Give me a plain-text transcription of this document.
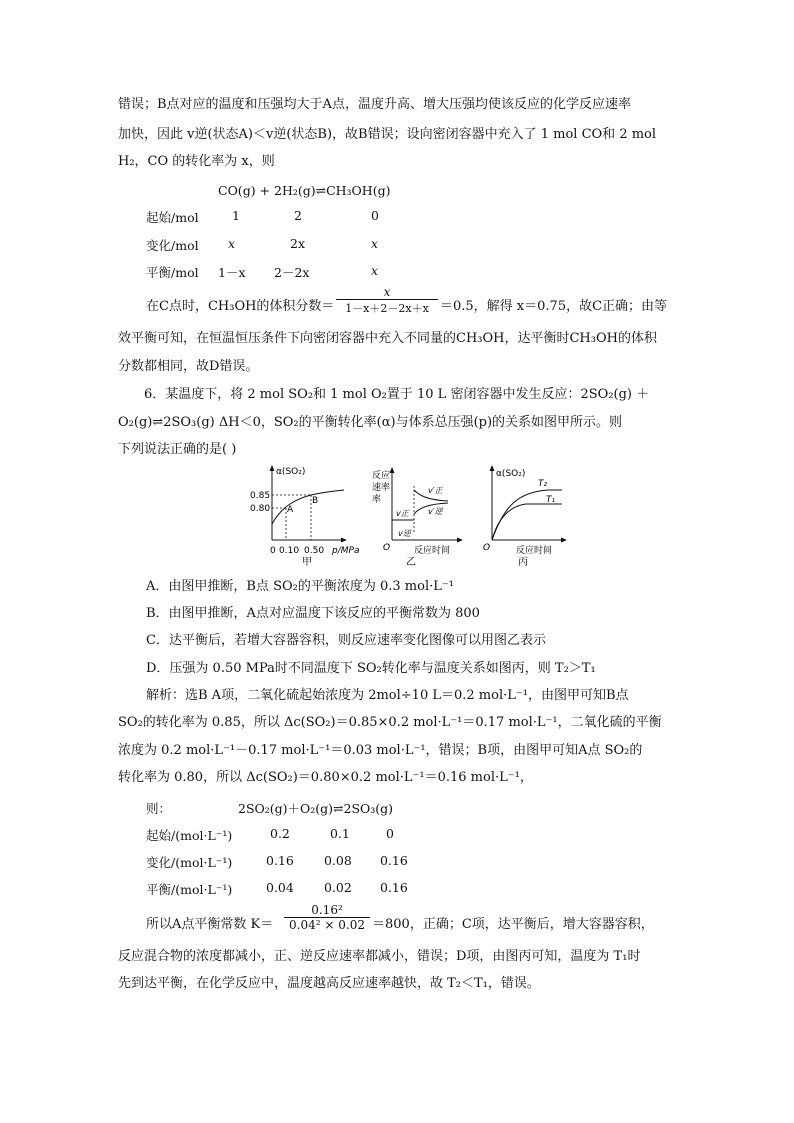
错误；B点对应的温度和压强均大于A点，温度升高、增大压强均使该反应的化学反应速率
加快，因此 v逆(状态A)＜v逆(状态B)，故B错误；设向密闭容器中充入了 1 mol CO和 2 mol
H₂，CO 的转化率为 x，则
CO(g) + 2H₂(g)⇌CH₃OH(g)
起始/mol	1	2	0
变化/mol x	2x	x
平衡/mol 1－x 2－2x	x
在C点时，CH₃OH的体积分数＝
x
1－x＋2－2x＋x ＝0.5，解得 x＝0.75，故C正确；由等
效平衡可知，在恒温恒压条件下向密闭容器中充入不同量的CH₃OH，达平衡时CH₃OH的体积
分数都相同，故D错误。
6．某温度下，将 2 mol SO₂和 1 mol O₂置于 10 L 密闭容器中发生反应：2SO₂(g) ＋
O₂(g)⇌2SO₃(g) ΔH＜0，SO₂的平衡转化率(α)与体系总压强(p)的关系如图甲所示。则
下列说法正确的是( )
α(SO₂)
0.85
0.80 A
B
0 0.10 0.50 p/MPa
甲
反应
速率
率
v正
v逆
v′正
v′逆
O	反应时间
乙
α(SO₂)
T₂
T₁
O	反应时间
丙
A．由图甲推断，B点 SO₂的平衡浓度为 0.3 mol·L⁻¹
B．由图甲推断，A点对应温度下该反应的平衡常数为 800
C．达平衡后，若增大容器容积，则反应速率变化图像可以用图乙表示
D．压强为 0.50 MPa时不同温度下 SO₂转化率与温度关系如图丙，则 T₂＞T₁
解析：选B A项，二氧化硫起始浓度为 2mol÷10 L＝0.2 mol·L⁻¹，由图甲可知B点
SO₂的转化率为 0.85，所以 Δc(SO₂)＝0.85×0.2 mol·L⁻¹＝0.17 mol·L⁻¹，二氧化硫的平衡
浓度为 0.2 mol·L⁻¹－0.17 mol·L⁻¹＝0.03 mol·L⁻¹，错误；B项，由图甲可知A点 SO₂的
转化率为 0.80，所以 Δc(SO₂)＝0.80×0.2 mol·L⁻¹＝0.16 mol·L⁻¹，
则：	2SO₂(g)＋O₂(g)⇌2SO₃(g)
起始/(mol·L⁻¹)	0.2	0.1	0
变化/(mol·L⁻¹)	0.16 0.08 0.16
平衡/(mol·L⁻¹)	0.04 0.02 0.16
所以A点平衡常数 K＝
0.16²
0.04² × 0.02 ＝800，正确；C项，达平衡后，增大容器容积，
反应混合物的浓度都减小，正、逆反应速率都减小，错误；D项，由图丙可知，温度为 T₁时
先到达平衡，在化学反应中，温度越高反应速率越快，故 T₂＜T₁，错误。
